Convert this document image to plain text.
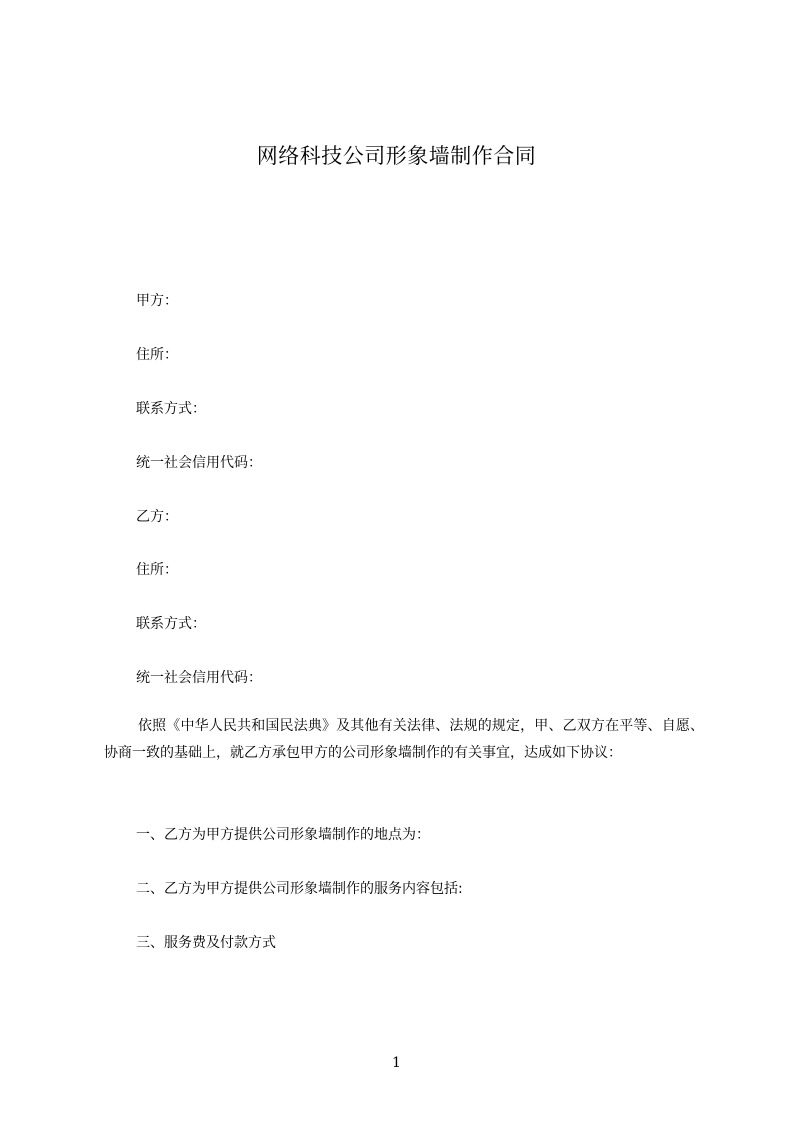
网络科技公司形象墙制作合同
甲方：
住所：
联系方式：
统一社会信用代码：
乙方：
住所：
联系方式：
统一社会信用代码：
依照《中华人民共和国民法典》及其他有关法律、法规的规定，甲、乙双方在平等、自愿、协商一致的基础上，就乙方承包甲方的公司形象墙制作的有关事宜，达成如下协议：
一、乙方为甲方提供公司形象墙制作的地点为：
二、乙方为甲方提供公司形象墙制作的服务内容包括:
三、服务费及付款方式
1
